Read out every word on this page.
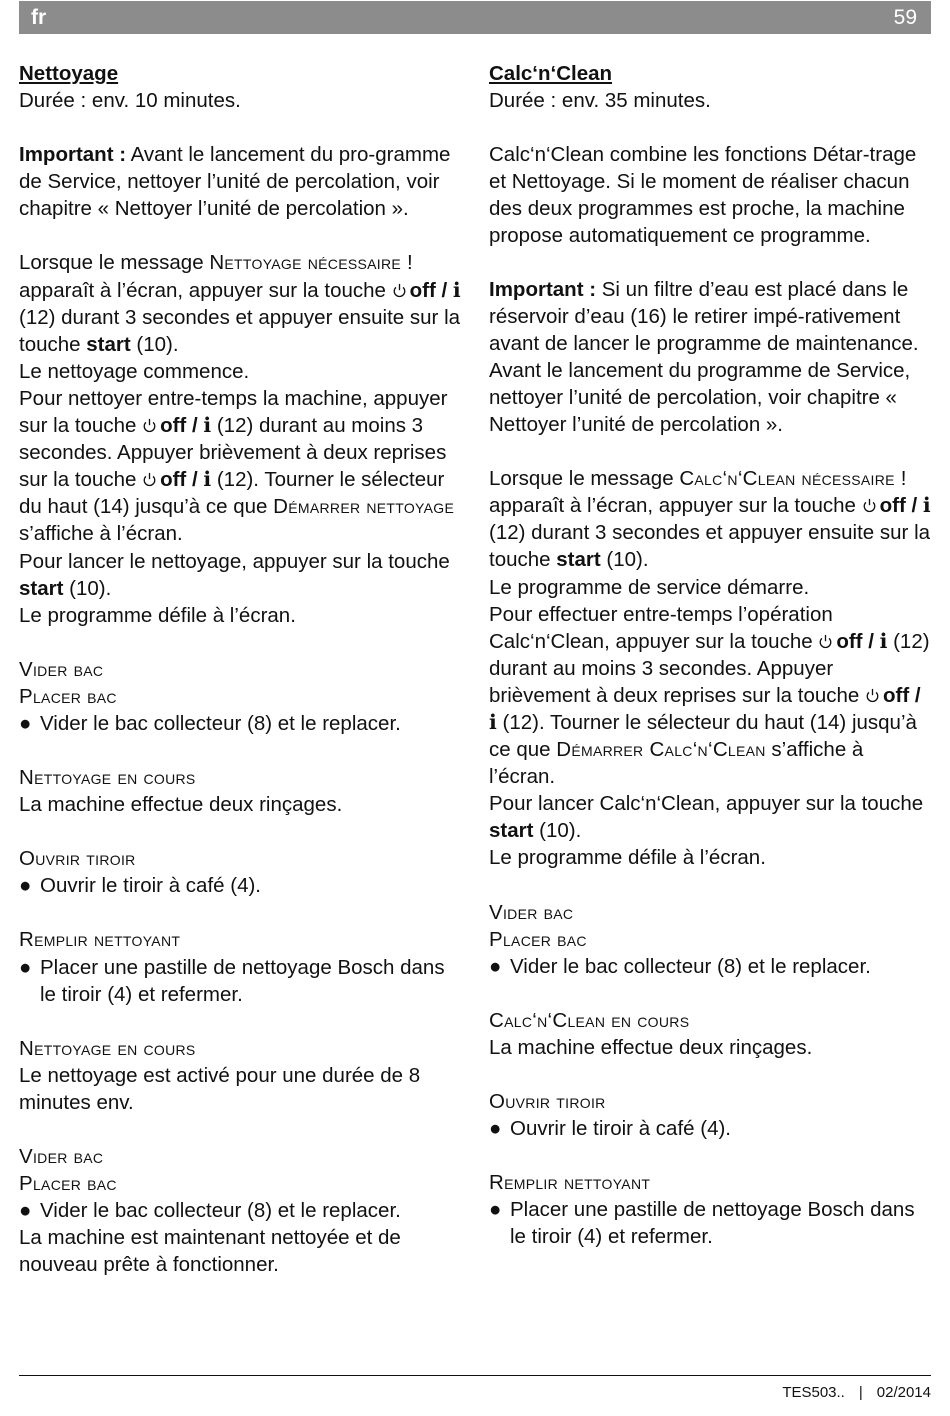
fr	59

Nettoyage

Durée : env. 10 minutes.

Important : Avant le lancement du pro-gramme de Service, nettoyer l’unité de percolation, voir chapitre « Nettoyer l’unité de percolation ».

Lorsque le message Nettoyage nécessaire ! apparaît à l’écran, appuyer sur la touche off / i (12) durant 3 secondes et appuyer ensuite sur la touche start (10).

Le nettoyage commence.

Pour nettoyer entre-temps la machine, appuyer sur la touche off / i (12) durant au moins 3 secondes. Appuyer brièvement à deux reprises sur la touche off / i (12). Tourner le sélecteur du haut (14) jusqu’à ce que Démarrer nettoyage s’affiche à l’écran.

Pour lancer le nettoyage, appuyer sur la touche start (10).

Le programme défile à l’écran.

Vider bac

Placer bac

● Vider le bac collecteur (8) et le replacer.

Nettoyage en cours

La machine effectue deux rinçages.

Ouvrir tiroir

● Ouvrir le tiroir à café (4).

Remplir nettoyant

● Placer une pastille de nettoyage Bosch dans le tiroir (4) et refermer.

Nettoyage en cours

Le nettoyage est activé pour une durée de 8 minutes env.

Vider bac

Placer bac

● Vider le bac collecteur (8) et le replacer.

La machine est maintenant nettoyée et de nouveau prête à fonctionner.

Calc‘n‘Clean

Durée : env. 35 minutes.

Calc‘n‘Clean combine les fonctions Détar-trage et Nettoyage. Si le moment de réaliser chacun des deux programmes est proche, la machine propose automatiquement ce programme.

Important : Si un filtre d’eau est placé dans le réservoir d’eau (16) le retirer impé-rativement avant de lancer le programme de maintenance. Avant le lancement du programme de Service, nettoyer l’unité de percolation, voir chapitre « Nettoyer l’unité de percolation ».

Lorsque le message Calc‘n‘Clean nécessaire ! apparaît à l’écran, appuyer sur la touche off / i (12) durant 3 secondes et appuyer ensuite sur la touche start (10).

Le programme de service démarre.

Pour effectuer entre-temps l’opération Calc‘n‘Clean, appuyer sur la touche off / i (12) durant au moins 3 secondes. Appuyer brièvement à deux reprises sur la touche off / i (12). Tourner le sélecteur du haut (14) jusqu’à ce que Démarrer Calc‘n‘Clean s’affiche à l’écran.

Pour lancer Calc‘n‘Clean, appuyer sur la touche start (10).

Le programme défile à l’écran.

Vider bac

Placer bac

● Vider le bac collecteur (8) et le replacer.

Calc‘n‘Clean en cours

La machine effectue deux rinçages.

Ouvrir tiroir

● Ouvrir le tiroir à café (4).

Remplir nettoyant

● Placer une pastille de nettoyage Bosch dans le tiroir (4) et refermer.

TES503.. | 02/2014
